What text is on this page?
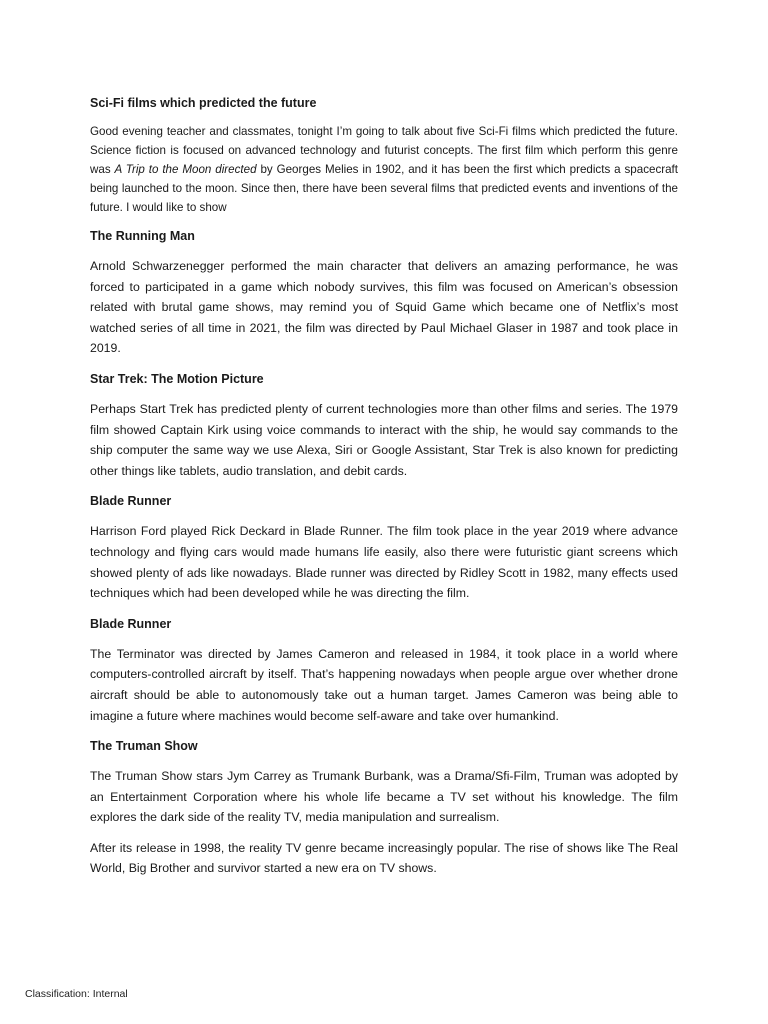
Sci-Fi films which predicted the future

Good evening teacher and classmates, tonight I’m going to talk about five Sci-Fi films which predicted the future. Science fiction is focused on advanced technology and futurist concepts. The first film which perform this genre was A Trip to the Moon directed by Georges Melies in 1902, and it has been the first which predicts a spacecraft being launched to the moon. Since then, there have been several films that predicted events and inventions of the future. I would like to show

The Running Man

Arnold Schwarzenegger performed the main character that delivers an amazing performance, he was forced to participated in a game which nobody survives, this film was focused on American’s obsession related with brutal game shows, may remind you of Squid Game which became one of Netflix’s most watched series of all time in 2021, the film was directed by Paul Michael Glaser in 1987 and took place in 2019.

Star Trek: The Motion Picture

Perhaps Start Trek has predicted plenty of current technologies more than other films and series. The 1979 film showed Captain Kirk using voice commands to interact with the ship, he would say commands to the ship computer the same way we use Alexa, Siri or Google Assistant, Star Trek is also known for predicting other things like tablets, audio translation, and debit cards.

Blade Runner

Harrison Ford played Rick Deckard in Blade Runner. The film took place in the year 2019 where advance technology and flying cars would made humans life easily, also there were futuristic giant screens which showed plenty of ads like nowadays. Blade runner was directed by Ridley Scott in 1982, many effects used techniques which had been developed while he was directing the film.

Blade Runner

The Terminator was directed by James Cameron and released in 1984, it took place in a world where computers-controlled aircraft by itself. That’s happening nowadays when people argue over whether drone aircraft should be able to autonomously take out a human target. James Cameron was being able to imagine a future where machines would become self-aware and take over humankind.

The Truman Show

The Truman Show stars Jym Carrey as Trumank Burbank, was a Drama/Sfi-Film, Truman was adopted by an Entertainment Corporation where his whole life became a TV set without his knowledge. The film explores the dark side of the reality TV, media manipulation and surrealism.

After its release in 1998, the reality TV genre became increasingly popular. The rise of shows like The Real World, Big Brother and survivor started a new era on TV shows.

Classification: Internal
